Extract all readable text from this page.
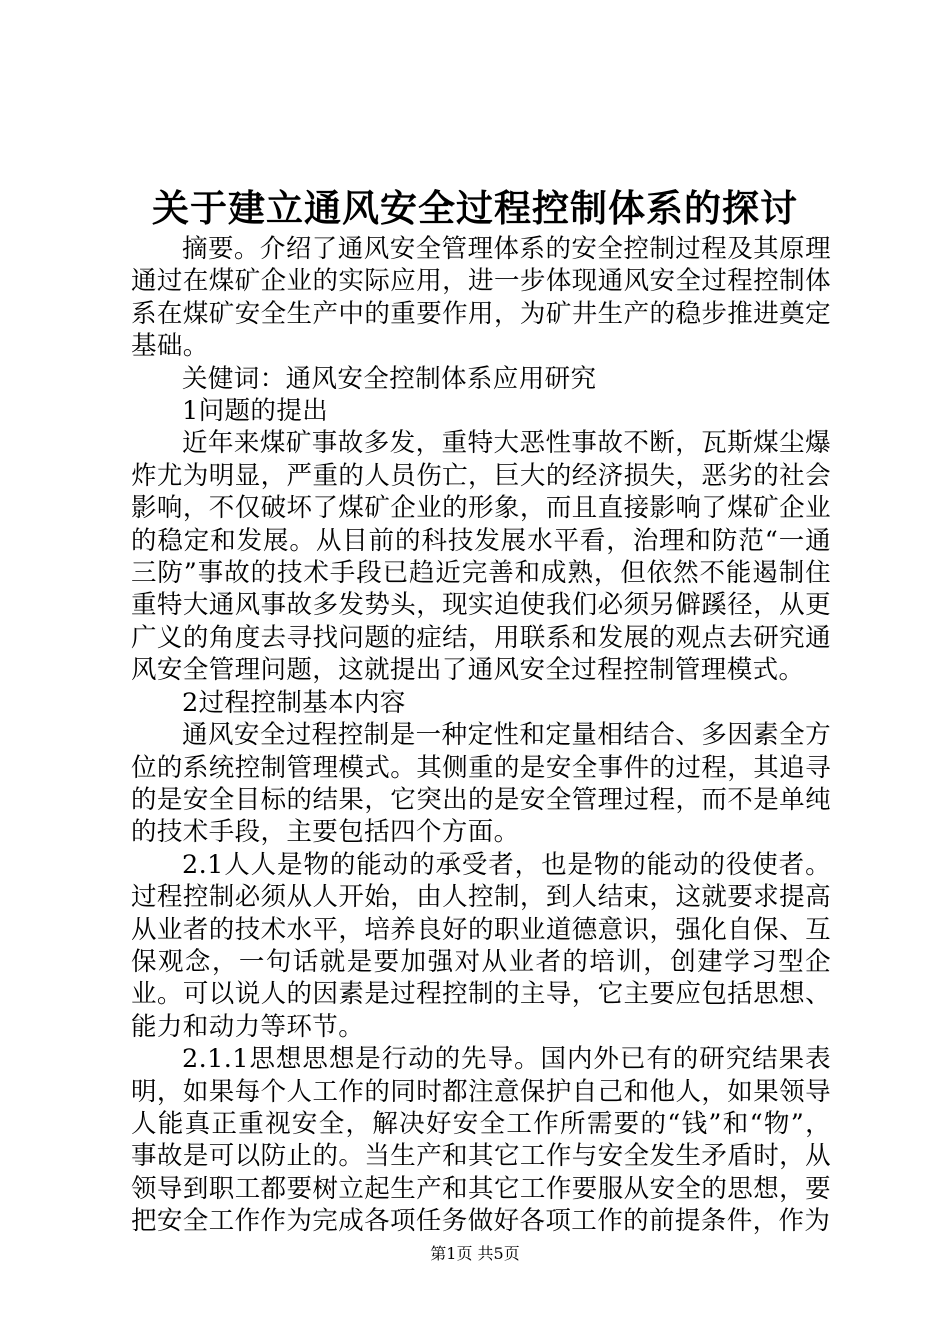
关于建立通风安全过程控制体系的探讨

摘要。介绍了通风安全管理体系的安全控制过程及其原理通过在煤矿企业的实际应用，进一步体现通风安全过程控制体系在煤矿安全生产中的重要作用，为矿井生产的稳步推进奠定基础。

关健词：通风安全控制体系应用研究

1问题的提出

近年来煤矿事故多发，重特大恶性事故不断，瓦斯煤尘爆炸尤为明显，严重的人员伤亡，巨大的经济损失，恶劣的社会影响，不仅破坏了煤矿企业的形象，而且直接影响了煤矿企业的稳定和发展。从目前的科技发展水平看，治理和防范“一通三防”事故的技术手段已趋近完善和成熟，但依然不能遏制住重特大通风事故多发势头，现实迫使我们必须另僻蹊径，从更广义的角度去寻找问题的症结，用联系和发展的观点去研究通风安全管理问题，这就提出了通风安全过程控制管理模式。

2过程控制基本内容

通风安全过程控制是一种定性和定量相结合、多因素全方位的系统控制管理模式。其侧重的是安全事件的过程，其追寻的是安全目标的结果，它突出的是安全管理过程，而不是单纯的技术手段，主要包括四个方面。

2.1人人是物的能动的承受者，也是物的能动的役使者。过程控制必须从人开始，由人控制，到人结束，这就要求提高从业者的技术水平，培养良好的职业道德意识，强化自保、互保观念，一句话就是要加强对从业者的培训，创建学习型企业。可以说人的因素是过程控制的主导，它主要应包括思想、能力和动力等环节。

2.1.1思想思想是行动的先导。国内外已有的研究结果表明，如果每个人工作的同时都注意保护自己和他人，如果领导人能真正重视安全，解决好安全工作所需要的“钱”和“物”，事故是可以防止的。当生产和其它工作与安全发生矛盾时，从领导到职工都要树立起生产和其它工作要服从安全的思想，要把安全工作作为完成各项任务做好各项工作的前提条件，作为

第1页 共5页
